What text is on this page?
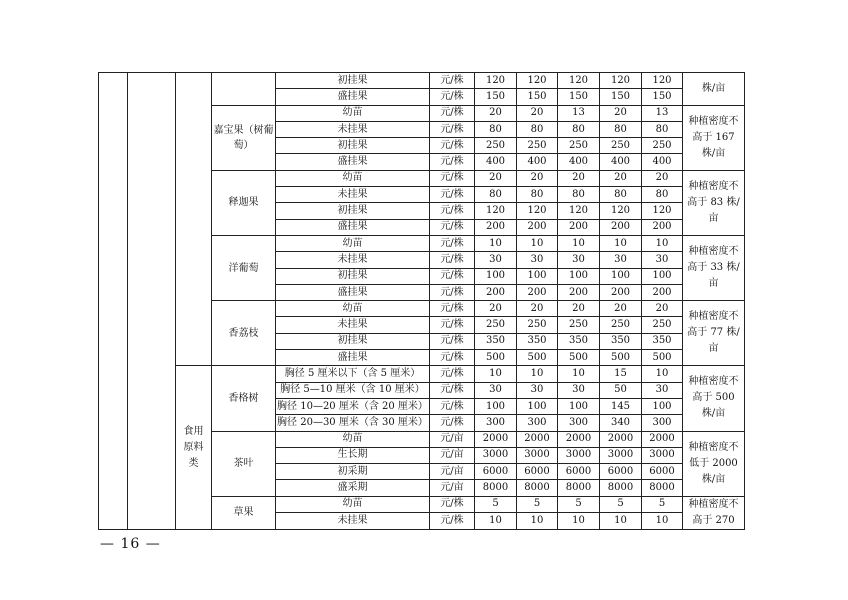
				初挂果	元/株	120	120	120	120	120	株/亩
				盛挂果	元/株	150	150	150	150	150	
			嘉宝果（树葡萄）	幼苗	元/株	20	20	13	20	13	种植密度不高于 167 株/亩
				未挂果	元/株	80	80	80	80	80	
				初挂果	元/株	250	250	250	250	250	
				盛挂果	元/株	400	400	400	400	400	
			释迦果	幼苗	元/株	20	20	20	20	20	种植密度不高于 83 株/亩
				未挂果	元/株	80	80	80	80	80	
				初挂果	元/株	120	120	120	120	120	
				盛挂果	元/株	200	200	200	200	200	
			洋葡萄	幼苗	元/株	10	10	10	10	10	种植密度不高于 33 株/亩
				未挂果	元/株	30	30	30	30	30	
				初挂果	元/株	100	100	100	100	100	
				盛挂果	元/株	200	200	200	200	200	
			香荔枝	幼苗	元/株	20	20	20	20	20	种植密度不高于 77 株/亩
				未挂果	元/株	250	250	250	250	250	
				初挂果	元/株	350	350	350	350	350	
				盛挂果	元/株	500	500	500	500	500	
		食用原料类	香格树	胸径 5 厘米以下（含 5 厘米）	元/株	10	10	10	15	10	种植密度不高于 500 株/亩
				胸径 5—10 厘米（含 10 厘米）	元/株	30	30	30	50	30	
				胸径 10—20 厘米（含 20 厘米）	元/株	100	100	100	145	100	
				胸径 20—30 厘米（含 30 厘米）	元/株	300	300	300	340	300	
			茶叶	幼苗	元/亩	2000	2000	2000	2000	2000	种植密度不低于 2000 株/亩
				生长期	元/亩	3000	3000	3000	3000	3000	
				初采期	元/亩	6000	6000	6000	6000	6000	
				盛采期	元/亩	8000	8000	8000	8000	8000	
			草果	幼苗	元/株	5	5	5	5	5	种植密度不高于 270
				未挂果	元/株	10	10	10	10	10	
— 16 —
